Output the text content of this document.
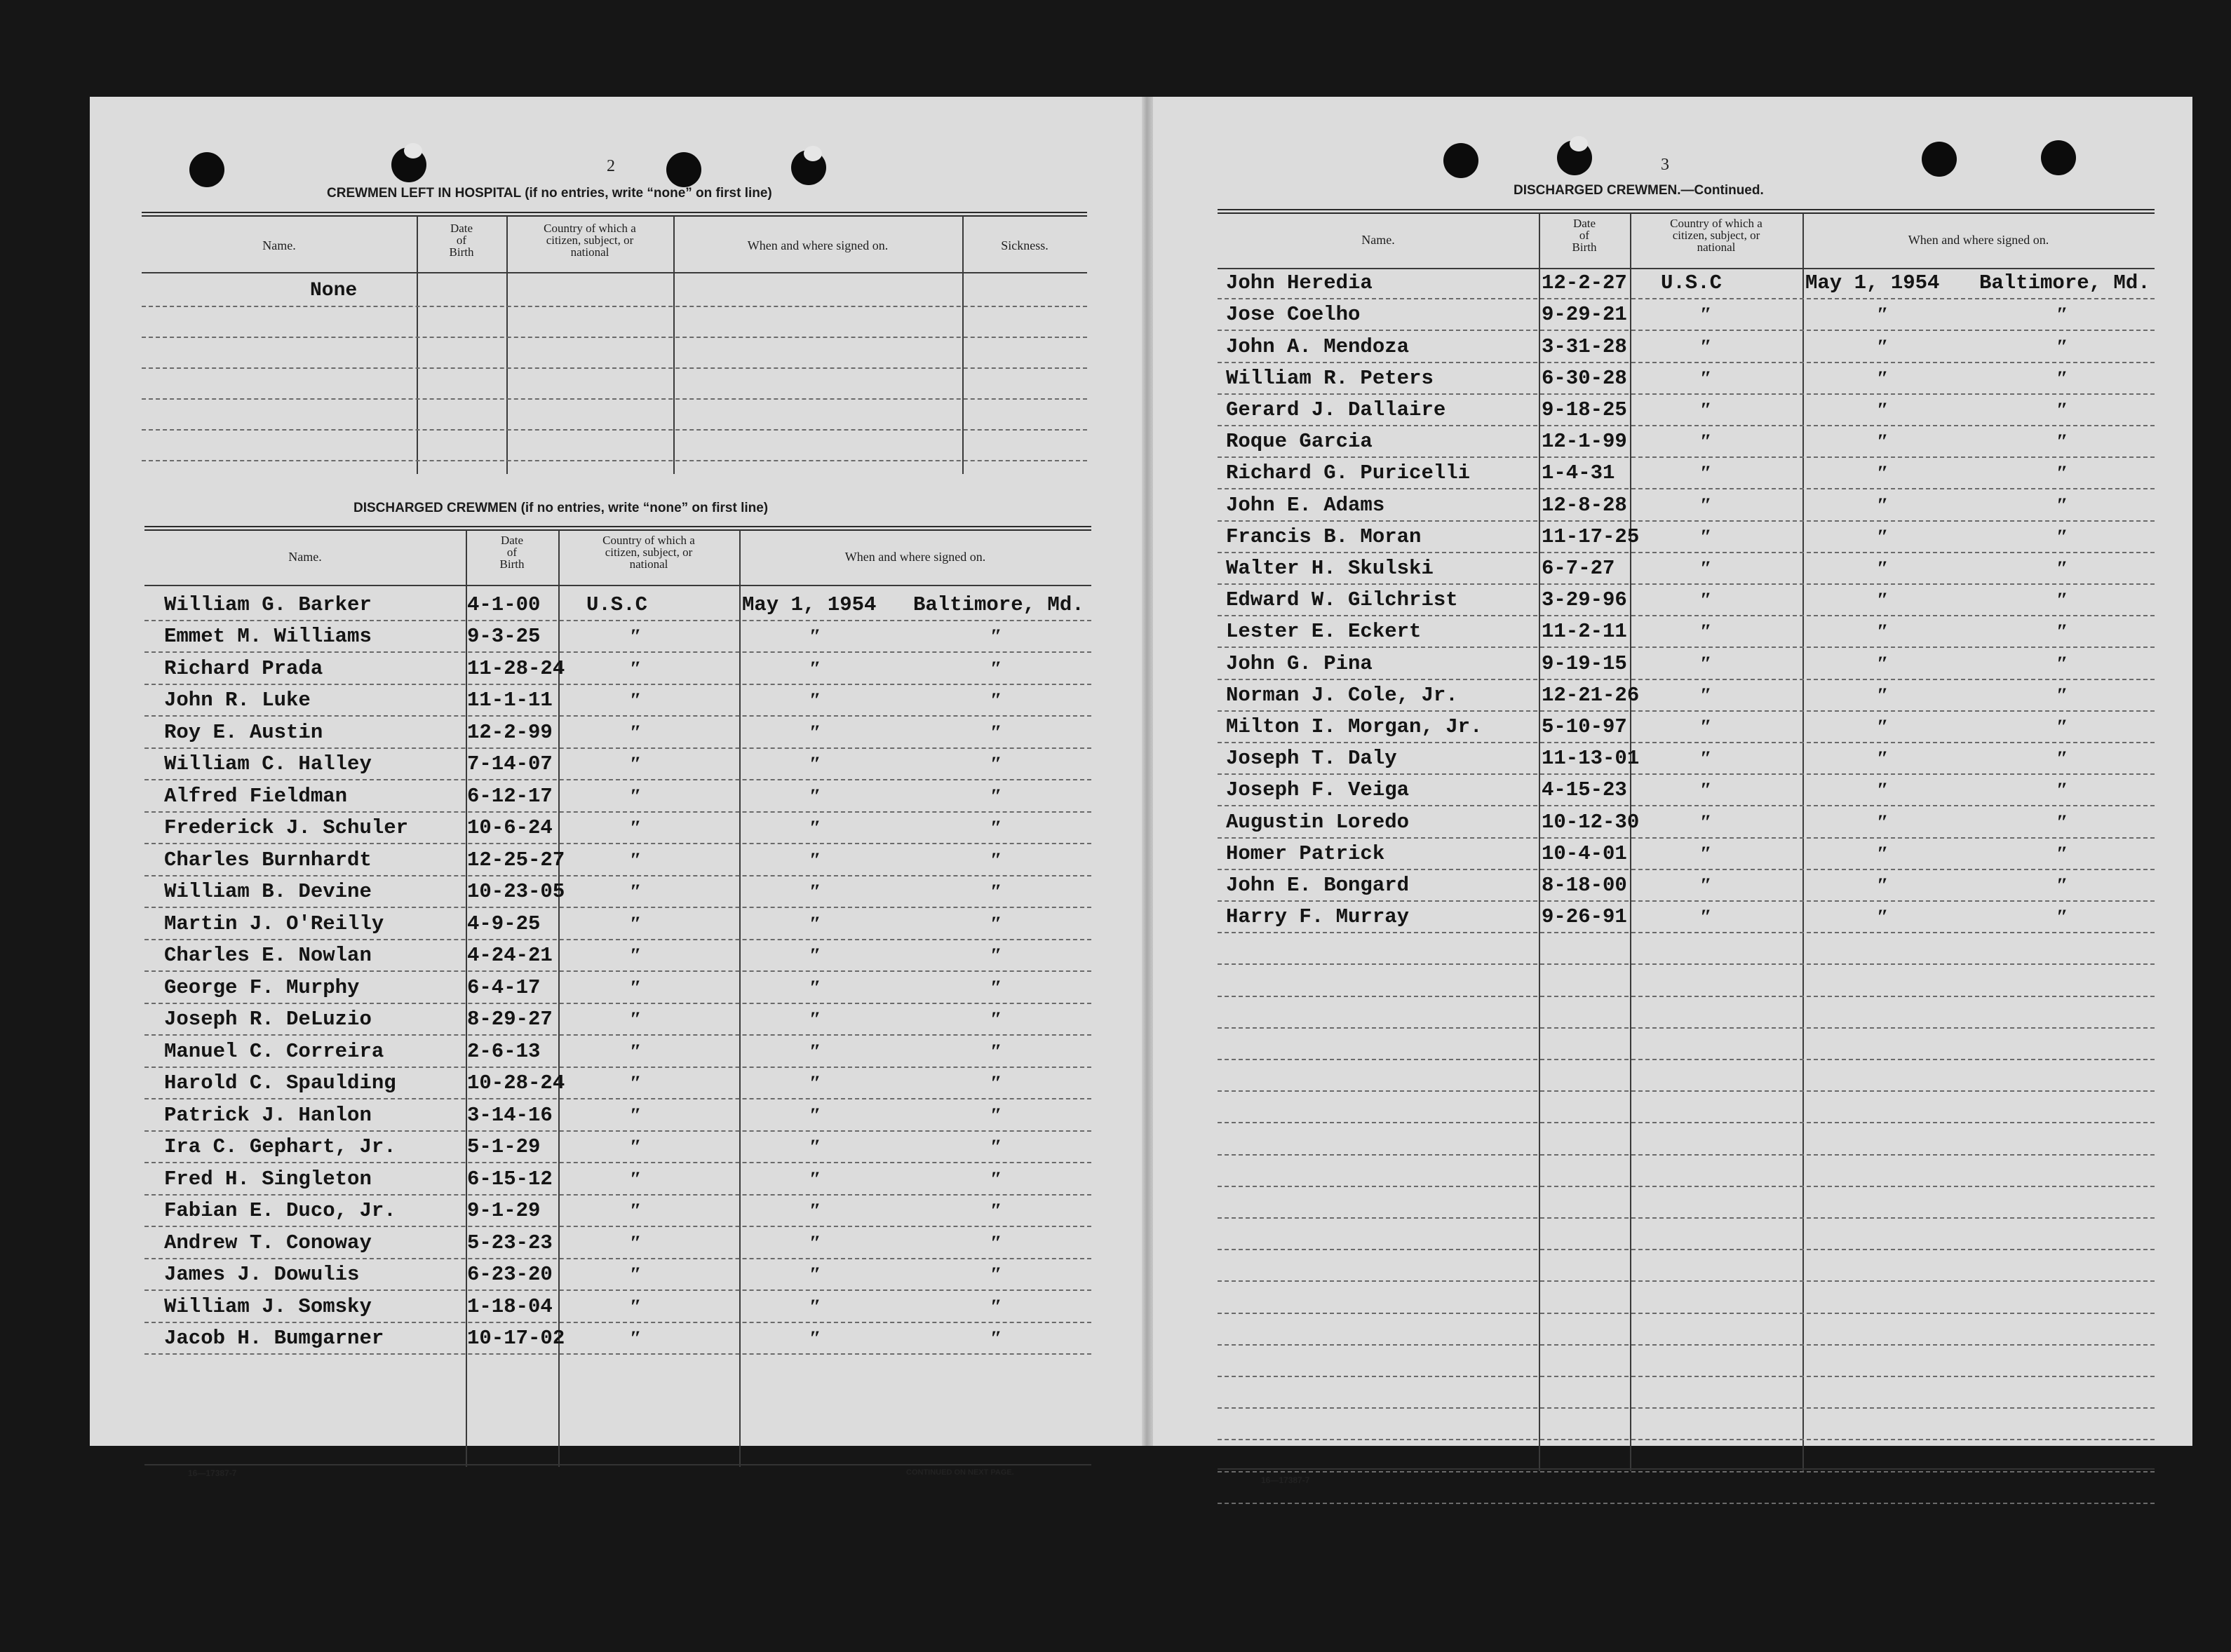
2
CREWMEN LEFT IN HOSPITAL (if no entries, write “none” on first line)
Name.
Date
of
Birth
Country of which a
citizen, subject, or
national	When and where signed on.	Sickness.
None
DISCHARGED CREWMEN (if no entries, write “none” on first line)
Name.
Date
of
Birth
Country of which a
citizen, subject, or
national
When and where signed on.
William G. Barker	4-1-00 U.S.C	May 1, 1954 Baltimore, Md.
Emmet M. Williams	9-3-25	″	″	″
Richard Prada	11-28-24	″	″	″
John R. Luke	11-1-11	″	″	″
Roy E. Austin	12-2-99	″	″	″
William C. Halley	7-14-07	″	″	″
Alfred Fieldman	6-12-17	″	″	″
Frederick J. Schuler	10-6-24	″	″	″
Charles Burnhardt	12-25-27	″	″	″
William B. Devine	10-23-05	″	″	″
Martin J. O'Reilly	4-9-25	″	″	″
Charles E. Nowlan	4-24-21	″	″	″
George F. Murphy	6-4-17	″	″	″
Joseph R. DeLuzio	8-29-27	″	″	″
Manuel C. Correira	2-6-13	″	″	″
Harold C. Spaulding	10-28-24	″	″	″
Patrick J. Hanlon	3-14-16	″	″	″
Ira C. Gephart, Jr.	5-1-29	″	″	″
Fred H. Singleton	6-15-12	″	″	″
Fabian E. Duco, Jr.	9-1-29	″	″	″
Andrew T. Conoway	5-23-23	″	″	″
James J. Dowulis	6-23-20	″	″	″
William J. Somsky	1-18-04	″	″	″
Jacob H. Bumgarner	10-17-02	″	″	″
16—17387-7	CONTINUED ON NEXT PAGE.
3
DISCHARGED CREWMEN.—Continued.
Name.
Date
of
Birth
Country of which a
citizen, subject, or
national
When and where signed on.
John Heredia	12-2-27 U.S.C	May 1, 1954 Baltimore, Md.
Jose Coelho	9-29-21	″	″	″
John A. Mendoza	3-31-28	″	″	″
William R. Peters	6-30-28	″	″	″
Gerard J. Dallaire	9-18-25	″	″	″
Roque Garcia	12-1-99	″	″	″
Richard G. Puricelli	1-4-31	″	″	″
John E. Adams	12-8-28	″	″	″
Francis B. Moran	11-17-25	″	″	″
Walter H. Skulski	6-7-27	″	″	″
Edward W. Gilchrist	3-29-96	″	″	″
Lester E. Eckert	11-2-11	″	″	″
John G. Pina	9-19-15	″	″	″
Norman J. Cole, Jr.	12-21-26	″	″	″
Milton I. Morgan, Jr.	5-10-97	″	″	″
Joseph T. Daly	11-13-01	″	″	″
Joseph F. Veiga	4-15-23	″	″	″
Augustin Loredo	10-12-30	″	″	″
Homer Patrick	10-4-01	″	″	″
John E. Bongard	8-18-00	″	″	″
Harry F. Murray	9-26-91	″	″	″
16—17387-7
